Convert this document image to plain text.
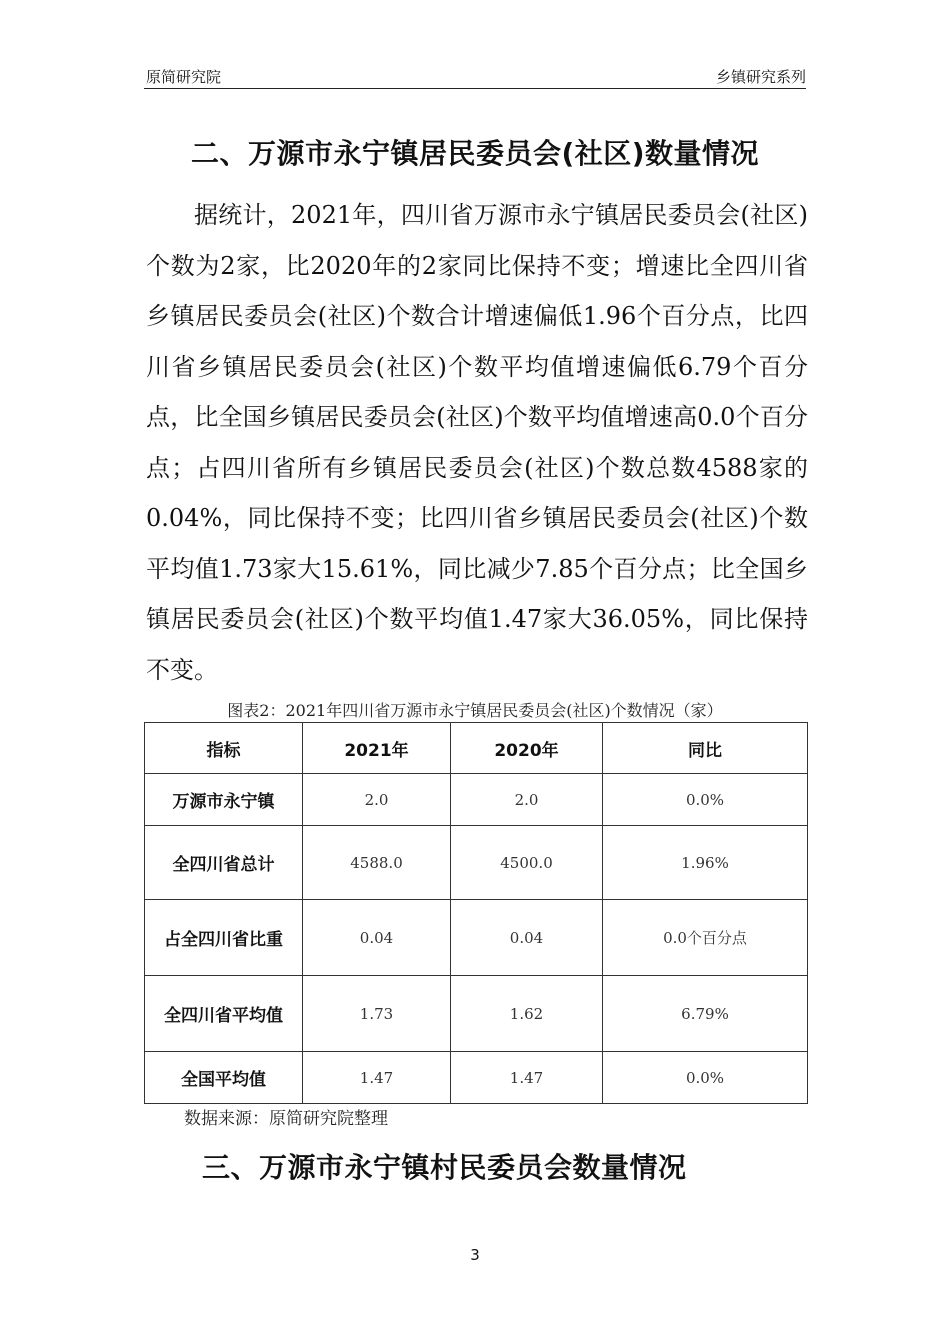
原简研究院	乡镇研究系列
二、万源市永宁镇居民委员会(社区)数量情况
据统计，2021年，四川省万源市永宁镇居民委员会(社区)个数为2家，比2020年的2家同比保持不变；增速比全四川省乡镇居民委员会(社区)个数合计增速偏低1.96个百分点，比四川省乡镇居民委员会(社区)个数平均值增速偏低6.79个百分点，比全国乡镇居民委员会(社区)个数平均值增速高0.0个百分点；占四川省所有乡镇居民委员会(社区)个数总数4588家的0.04%，同比保持不变；比四川省乡镇居民委员会(社区)个数平均值1.73家大15.61%，同比减少7.85个百分点；比全国乡镇居民委员会(社区)个数平均值1.47家大36.05%，同比保持不变。
图表2：2021年四川省万源市永宁镇居民委员会(社区)个数情况（家）
指标	2021年	2020年	同比
万源市永宁镇	2.0	2.0	0.0%
全四川省总计	4588.0	4500.0	1.96%
占全四川省比重	0.04	0.04	0.0个百分点
全四川省平均值	1.73	1.62	6.79%
全国平均值	1.47	1.47	0.0%
数据来源：原简研究院整理
三、万源市永宁镇村民委员会数量情况
3
